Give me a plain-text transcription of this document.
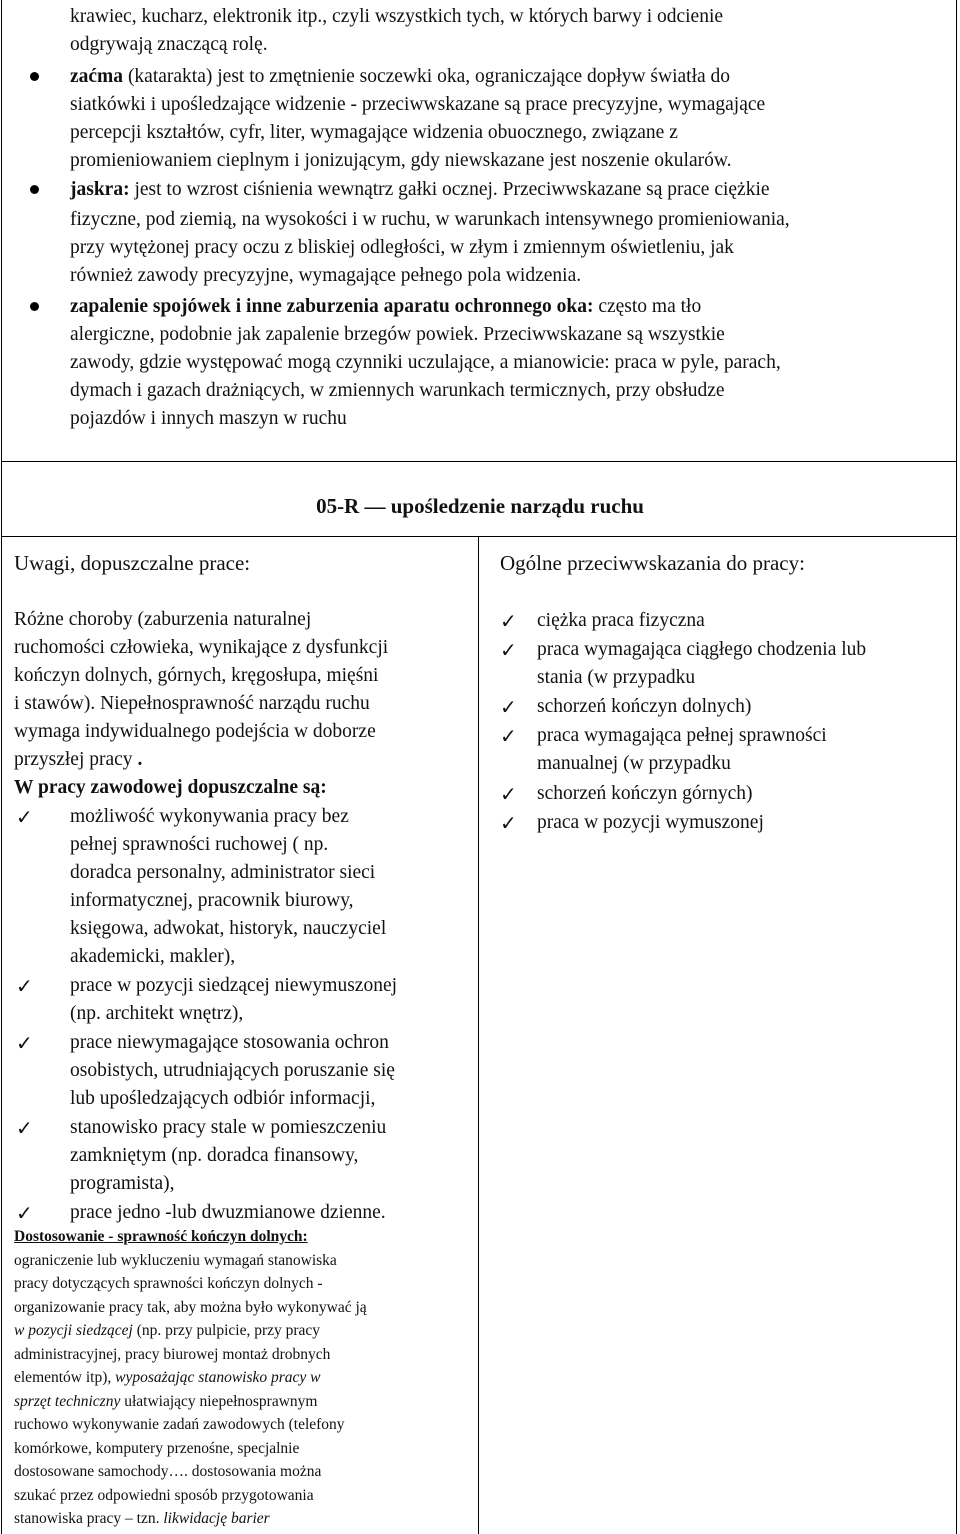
krawiec, kucharz, elektronik itp., czyli wszystkich tych, w których barwy i odcienie
odgrywają znaczącą rolę.
zaćma (katarakta) jest to zmętnienie soczewki oka, ograniczające dopływ światła do
siatkówki i upośledzające widzenie - przeciwwskazane są prace precyzyjne, wymagające
percepcji kształtów, cyfr, liter, wymagające widzenia obuocznego, związane z
promieniowaniem cieplnym i jonizującym, gdy niewskazane jest noszenie okularów.
jaskra: jest to wzrost ciśnienia wewnątrz gałki ocznej. Przeciwwskazane są prace ciężkie
fizyczne, pod ziemią, na wysokości i w ruchu, w warunkach intensywnego promieniowania,
przy wytężonej pracy oczu z bliskiej odległości, w złym i zmiennym oświetleniu, jak
również zawody precyzyjne, wymagające pełnego pola widzenia.
zapalenie spojówek i inne zaburzenia aparatu ochronnego oka: często ma tło
alergiczne, podobnie jak zapalenie brzegów powiek. Przeciwwskazane są wszystkie
zawody, gdzie występować mogą czynniki uczulające, a mianowicie: praca w pyle, parach,
dymach i gazach drażniących, w zmiennych warunkach termicznych, przy obsłudze
pojazdów i innych maszyn w ruchu
05-R — upośledzenie narządu ruchu
Uwagi, dopuszczalne prace:	Ogólne przeciwwskazania do pracy:
Różne choroby (zaburzenia naturalnej
ruchomości człowieka, wynikające z dysfunkcji
kończyn dolnych, górnych, kręgosłupa, mięśni
i stawów). Niepełnosprawność narządu ruchu
wymaga indywidualnego podejścia w doborze
przyszłej pracy .
W pracy zawodowej dopuszczalne są:
✓ możliwość wykonywania pracy bez
pełnej sprawności ruchowej ( np.
doradca personalny, administrator sieci
informatycznej, pracownik biurowy,
księgowa, adwokat, historyk, nauczyciel
akademicki, makler),
✓ prace w pozycji siedzącej niewymuszonej
(np. architekt wnętrz),
✓ prace niewymagające stosowania ochron
osobistych, utrudniających poruszanie się
lub upośledzających odbiór informacji,
✓ stanowisko pracy stale w pomieszczeniu
zamkniętym (np. doradca finansowy,
programista),
✓ prace jedno -lub dwuzmianowe dzienne.
Dostosowanie - sprawność kończyn dolnych:
ograniczenie lub wykluczeniu wymagań stanowiska
pracy dotyczących sprawności kończyn dolnych -
organizowanie pracy tak, aby można było wykonywać ją
w pozycji siedzącej (np. przy pulpicie, przy pracy
administracyjnej, pracy biurowej montaż drobnych
elementów itp), wyposażając stanowisko pracy w
sprzęt techniczny ułatwiający niepełnosprawnym
ruchowo wykonywanie zadań zawodowych (telefony
komórkowe, komputery przenośne, specjalnie
dostosowane samochody…. dostosowania można
szukać przez odpowiedni sposób przygotowania
stanowiska pracy – tzn. likwidację barier
✓ ciężka praca fizyczna
✓ praca wymagająca ciągłego chodzenia lub
stania (w przypadku
✓ schorzeń kończyn dolnych)
✓ praca wymagająca pełnej sprawności
manualnej (w przypadku
✓ schorzeń kończyn górnych)
✓ praca w pozycji wymuszonej
